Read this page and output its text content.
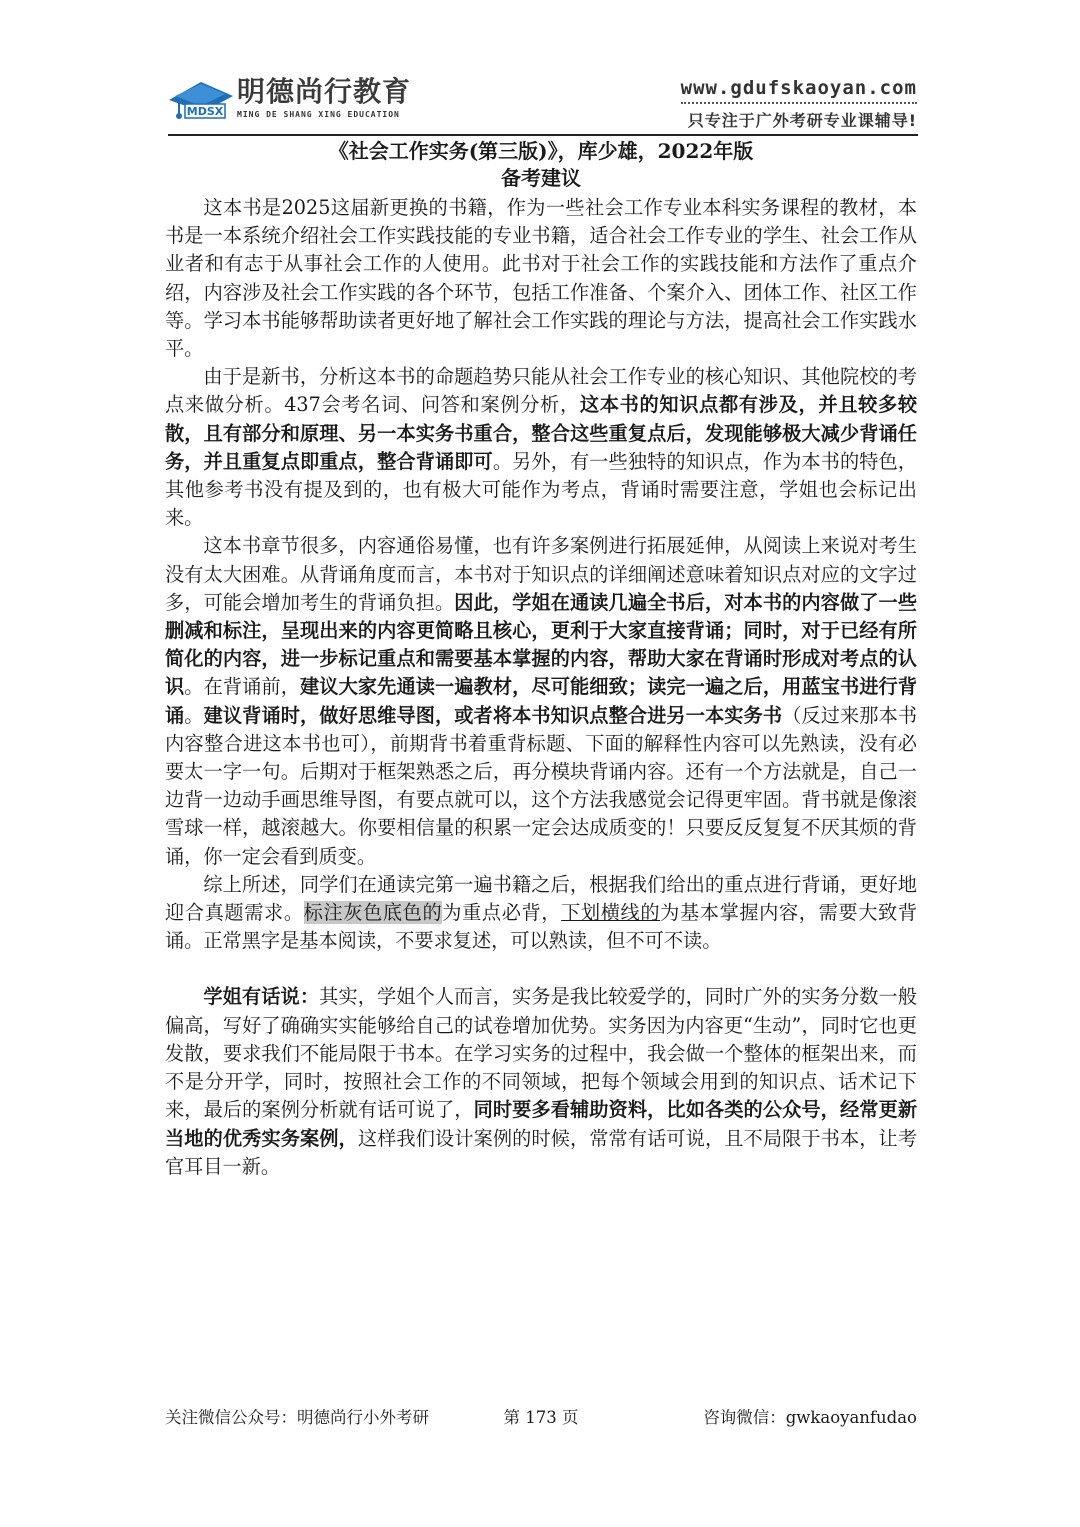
MDSX
明德尚行教育
MING DE SHANG XING EDUCATION
www.gdufskaoyan.com
只专注于广外考研专业课辅导!
《社会工作实务(第三版)》，库少雄，2022年版
备考建议

这本书是2025这届新更换的书籍，作为一些社会工作专业本科实务课程的教材，本书是一本系统介绍社会工作实践技能的专业书籍，适合社会工作专业的学生、社会工作从业者和有志于从事社会工作的人使用。此书对于社会工作的实践技能和方法作了重点介绍，内容涉及社会工作实践的各个环节，包括工作准备、个案介入、团体工作、社区工作等。学习本书能够帮助读者更好地了解社会工作实践的理论与方法，提高社会工作实践水平。

由于是新书，分析这本书的命题趋势只能从社会工作专业的核心知识、其他院校的考点来做分析。437会考名词、问答和案例分析，这本书的知识点都有涉及，并且较多较散，且有部分和原理、另一本实务书重合，整合这些重复点后，发现能够极大减少背诵任务，并且重复点即重点，整合背诵即可。另外，有一些独特的知识点，作为本书的特色，其他参考书没有提及到的，也有极大可能作为考点，背诵时需要注意，学姐也会标记出来。

这本书章节很多，内容通俗易懂，也有许多案例进行拓展延伸，从阅读上来说对考生没有太大困难。从背诵角度而言，本书对于知识点的详细阐述意味着知识点对应的文字过多，可能会增加考生的背诵负担。因此，学姐在通读几遍全书后，对本书的内容做了一些删减和标注，呈现出来的内容更简略且核心，更利于大家直接背诵；同时，对于已经有所简化的内容，进一步标记重点和需要基本掌握的内容，帮助大家在背诵时形成对考点的认识。在背诵前，建议大家先通读一遍教材，尽可能细致；读完一遍之后，用蓝宝书进行背诵。建议背诵时，做好思维导图，或者将本书知识点整合进另一本实务书（反过来那本书内容整合进这本书也可），前期背书着重背标题、下面的解释性内容可以先熟读，没有必要太一字一句。后期对于框架熟悉之后，再分模块背诵内容。还有一个方法就是，自己一边背一边动手画思维导图，有要点就可以，这个方法我感觉会记得更牢固。背书就是像滚雪球一样，越滚越大。你要相信量的积累一定会达成质变的！只要反反复复不厌其烦的背诵，你一定会看到质变。

综上所述，同学们在通读完第一遍书籍之后，根据我们给出的重点进行背诵，更好地迎合真题需求。标注灰色底色的为重点必背，下划横线的为基本掌握内容，需要大致背诵。正常黑字是基本阅读，不要求复述，可以熟读，但不可不读。

学姐有话说：其实，学姐个人而言，实务是我比较爱学的，同时广外的实务分数一般偏高，写好了确确实实能够给自己的试卷增加优势。实务因为内容更“生动”，同时它也更发散，要求我们不能局限于书本。在学习实务的过程中，我会做一个整体的框架出来，而不是分开学，同时，按照社会工作的不同领域，把每个领域会用到的知识点、话术记下来，最后的案例分析就有话可说了，同时要多看辅助资料，比如各类的公众号，经常更新当地的优秀实务案例，这样我们设计案例的时候，常常有话可说，且不局限于书本，让考官耳目一新。

关注微信公众号：明德尚行小外考研	第 173 页	咨询微信：gwkaoyanfudao
